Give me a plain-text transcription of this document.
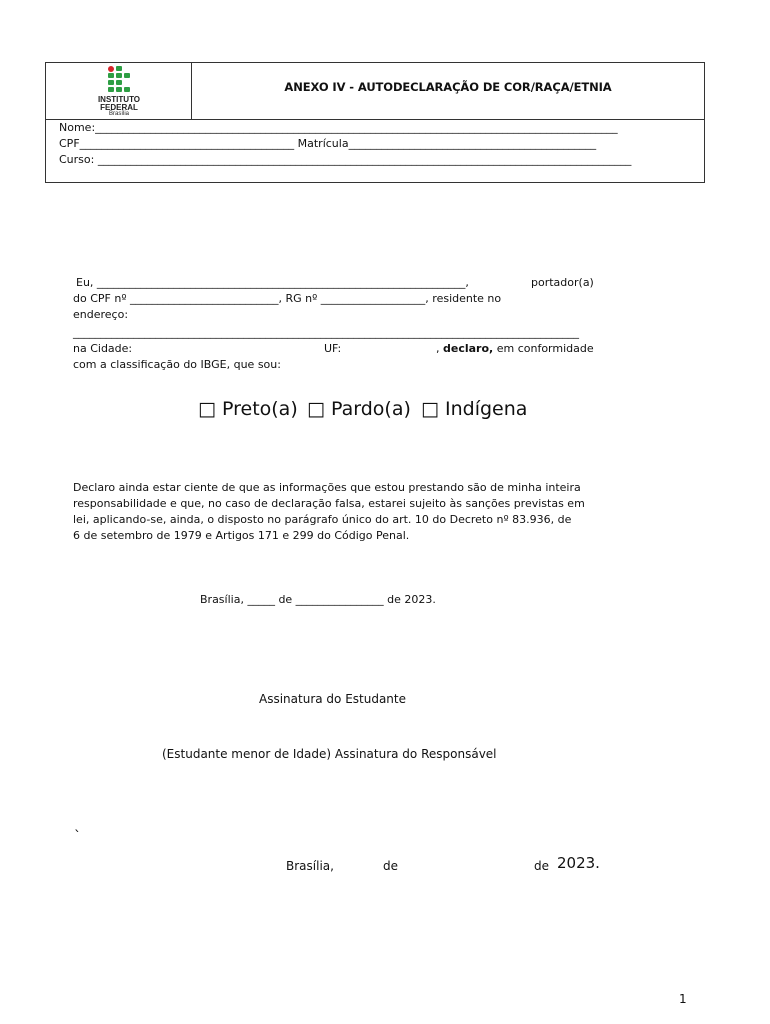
INSTITUTO
FEDERAL
Brasília
ANEXO IV - AUTODECLARAÇÃO DE COR/RAÇA/ETNIA
Nome:_______________________________________________________________________________________________
CPF_______________________________________ Matrícula_____________________________________________
Curso: _________________________________________________________________________________________________
Eu, ___________________________________________________________________,	portador(a)
do CPF nº ___________________________, RG nº ___________________, residente no
endereço:
____________________________________________________________________________________________
na Cidade:	UF:	, declaro, em conformidade
com a classificação do IBGE, que sou:
□ Preto(a) □ Pardo(a) □ Indígena
Declaro ainda estar ciente de que as informações que estou prestando são de minha inteira
responsabilidade e que, no caso de declaração falsa, estarei sujeito às sanções previstas em
lei, aplicando-se, ainda, o disposto no parágrafo único do art. 10 do Decreto nº 83.936, de
6 de setembro de 1979 e Artigos 171 e 299 do Código Penal.
Brasília, _____ de ________________ de 2023.
Assinatura do Estudante
(Estudante menor de Idade) Assinatura do Responsável
`
Brasília,	de	de 2023.
1
